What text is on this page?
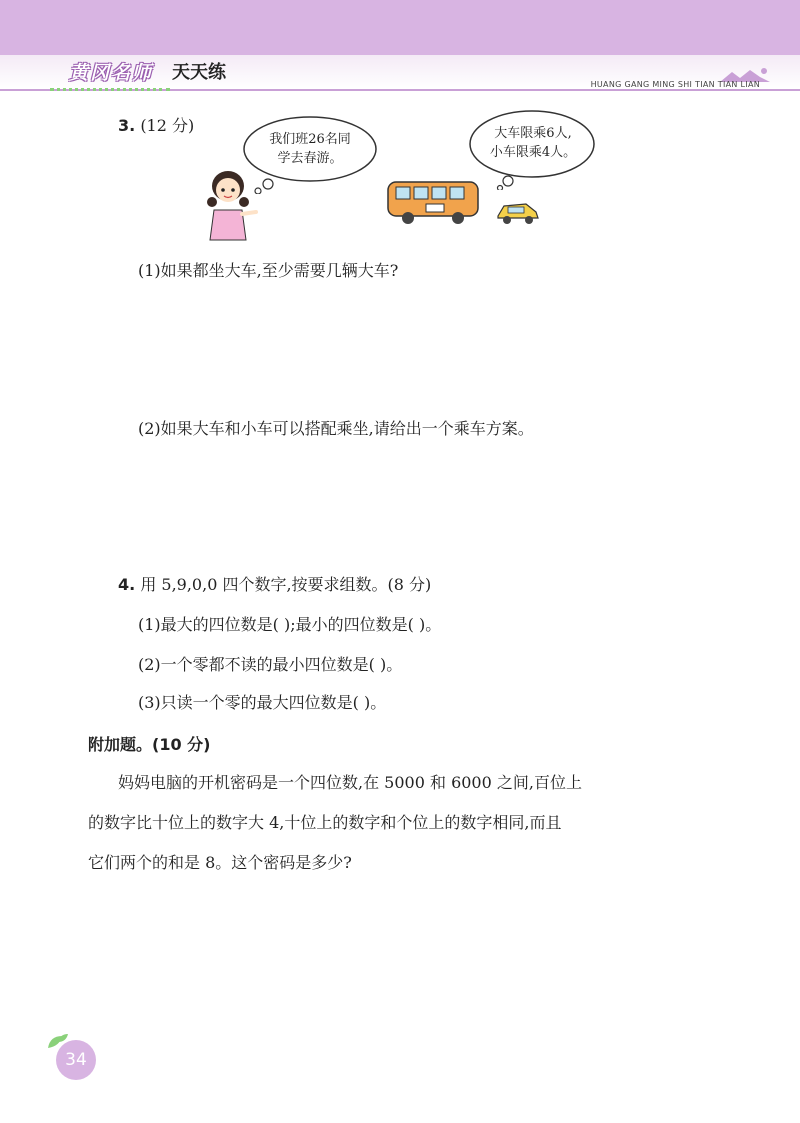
黄冈名师	天天练
HUANG GANG MING SHI TIAN TIAN LIAN
3. (12 分)
我们班26名同
学去春游。
大车限乘6人,
小车限乘4人。
(1)如果都坐大车,至少需要几辆大车?
(2)如果大车和小车可以搭配乘坐,请给出一个乘车方案。
4. 用 5,9,0,0 四个数字,按要求组数。(8 分)
(1)最大的四位数是( );最小的四位数是( )。
(2)一个零都不读的最小四位数是( )。
(3)只读一个零的最大四位数是( )。
附加题。(10 分)
妈妈电脑的开机密码是一个四位数,在 5000 和 6000 之间,百位上
的数字比十位上的数字大 4,十位上的数字和个位上的数字相同,而且
它们两个的和是 8。这个密码是多少?
34
